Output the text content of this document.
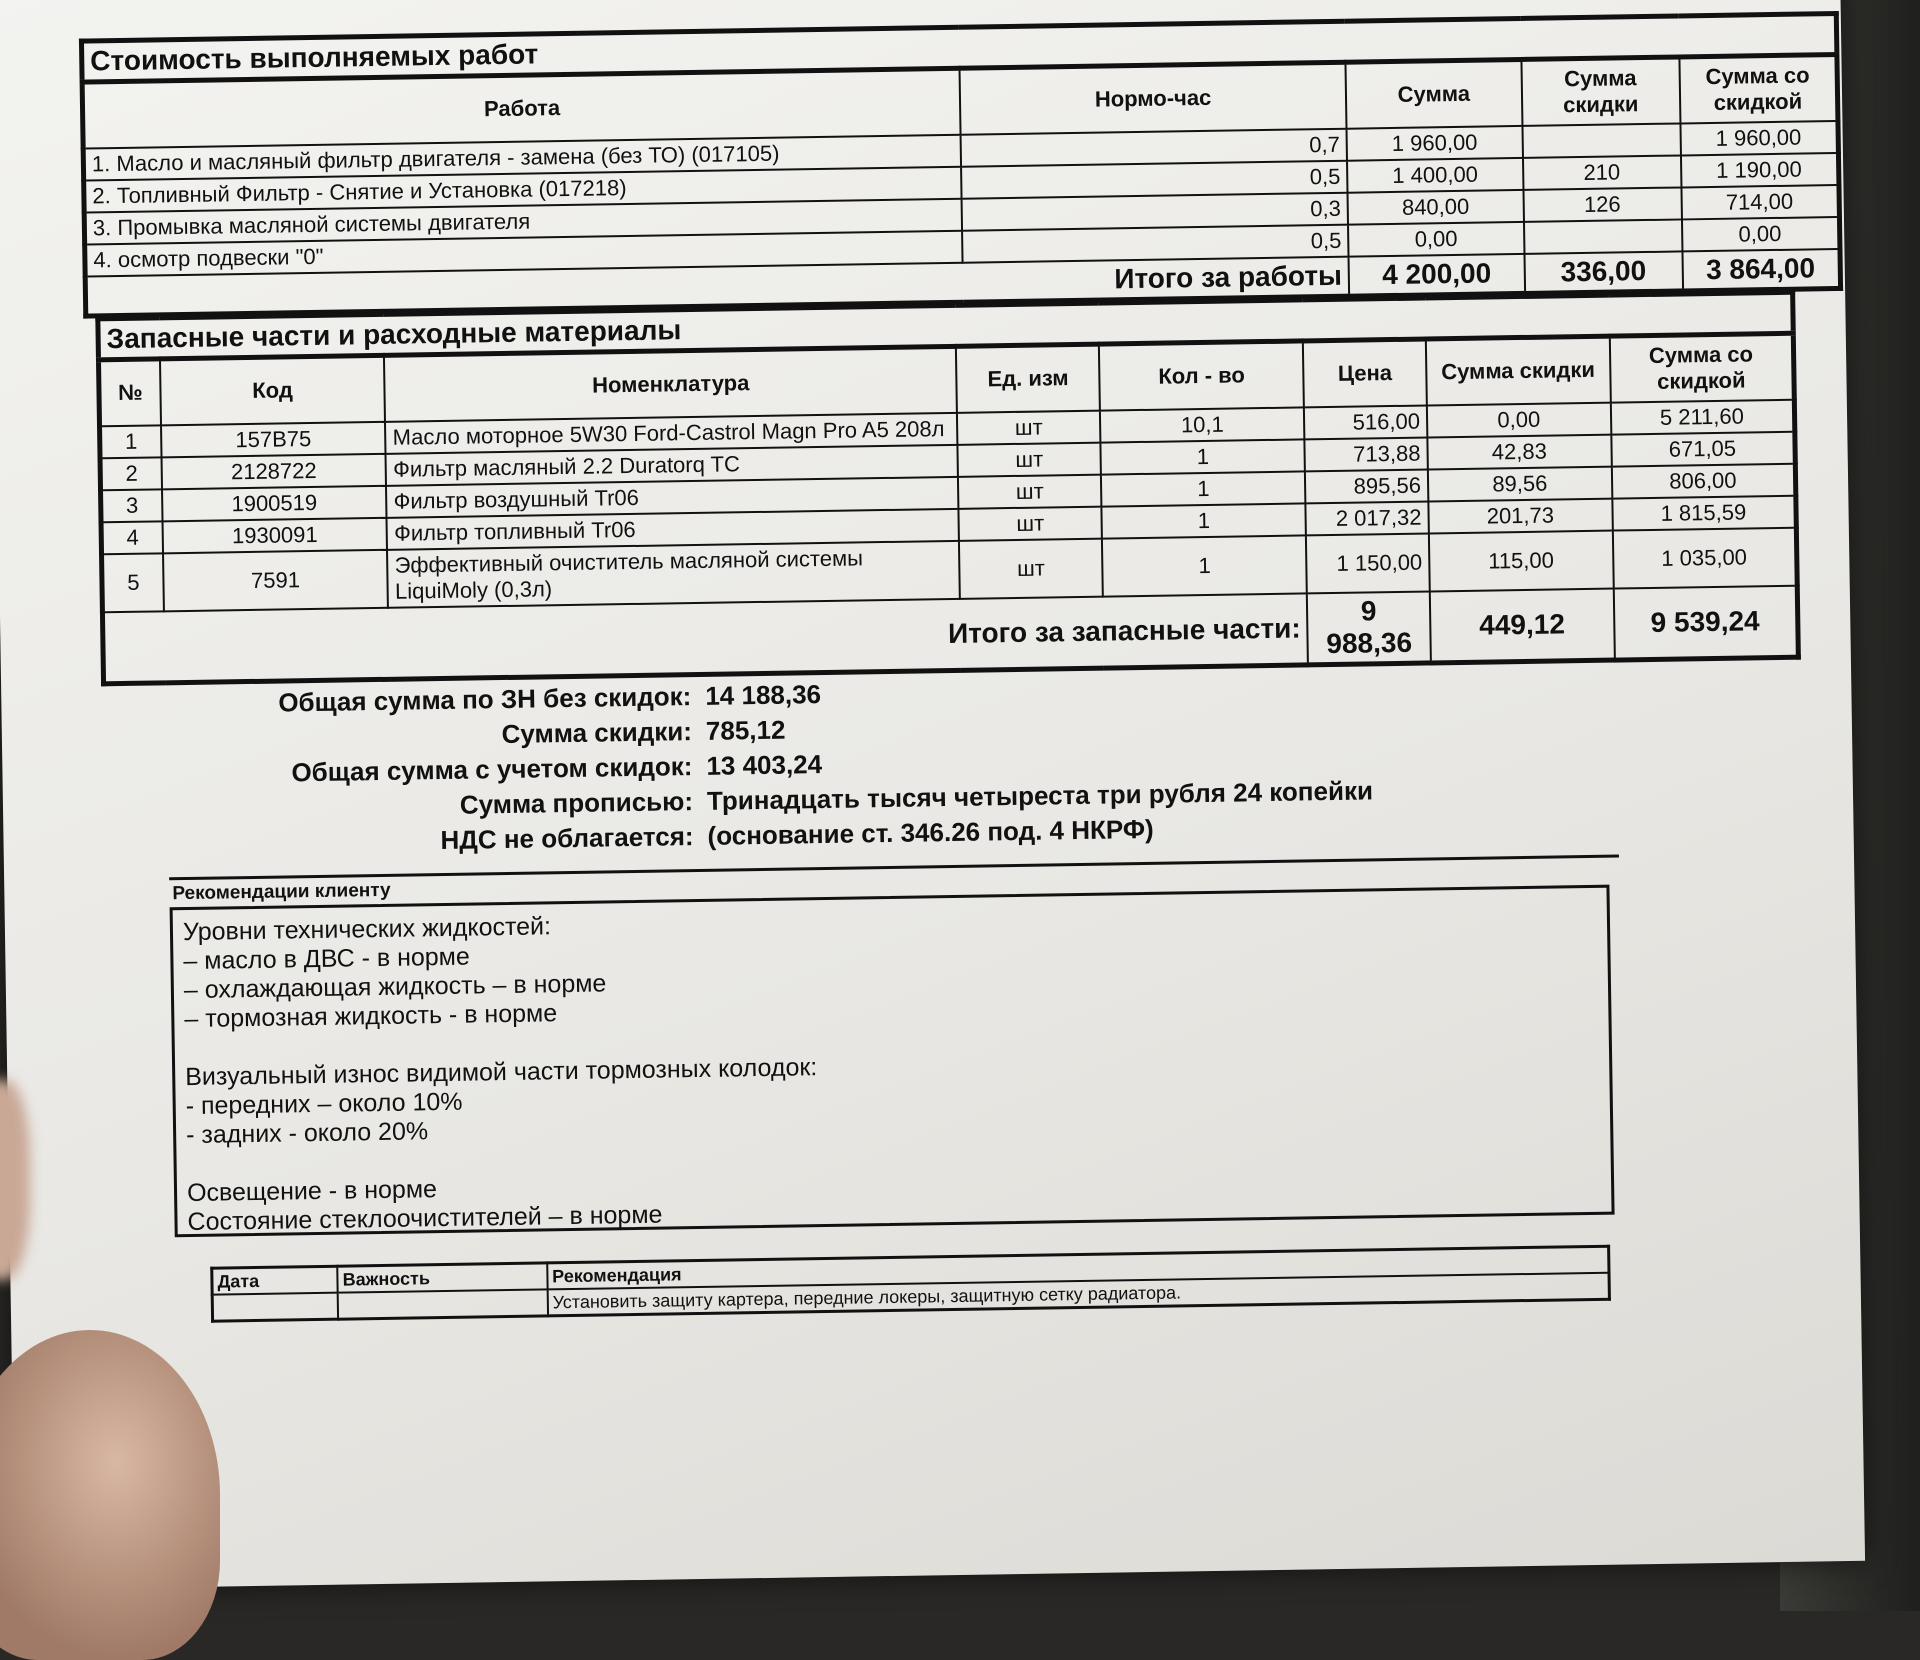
Стоимость выполняемых работ				
Работа	Нормо-час	Сумма	Сумма скидки	Сумма со скидкой
1. Масло и масляный фильтр двигателя - замена (без ТО) (017105)	0,7	1 960,00		1 960,00
2. Топливный Фильтр - Снятие и Установка (017218)	0,5	1 400,00	210	1 190,00
3. Промывка масляной системы двигателя	0,3	840,00	126	714,00
4. осмотр подвески "0"	0,5	0,00		0,00
Итого за работы		4 200,00	336,00	3 864,00
Запасные части и расходные материалы							
№	Код	Номенклатура	Ед. изм	Кол - во	Цена	Сумма скидки	Сумма со скидкой
1	157B75	Масло моторное 5W30 Ford-Castrol Magn Pro A5 208л	шт	10,1	516,00	0,00	5 211,60
2	2128722	Фильтр масляный 2.2 Duratorq TC	шт	1	713,88	42,83	671,05
3	1900519	Фильтр воздушный Tr06	шт	1	895,56	89,56	806,00
4	1930091	Фильтр топливный Tr06	шт	1	2 017,32	201,73	1 815,59
5	7591	Эффективный очиститель масляной системы LiquiMoly (0,3л)	шт	1	1 150,00	115,00	1 035,00
Итого за запасные части:					9 988,36	449,12	9 539,24
Общая сумма по ЗН без скидок: 14 188,36
Сумма скидки: 785,12
Общая сумма с учетом скидок: 13 403,24
Сумма прописью: Тринадцать тысяч четыреста три рубля 24 копейки
НДС не облагается: (основание ст. 346.26 под. 4 НКРФ)
Рекомендации клиенту
Уровни технических жидкостей:
– масло в ДВС - в норме
– охлаждающая жидкость – в норме
– тормозная жидкость - в норме
Визуальный износ видимой части тормозных колодок:
- передних – около 10%
- задних - около 20%
Освещение - в норме
Состояние стеклоочистителей – в норме
Дата	Важность	Рекомендация
		Установить защиту картера, передние локеры, защитную сетку радиатора.
